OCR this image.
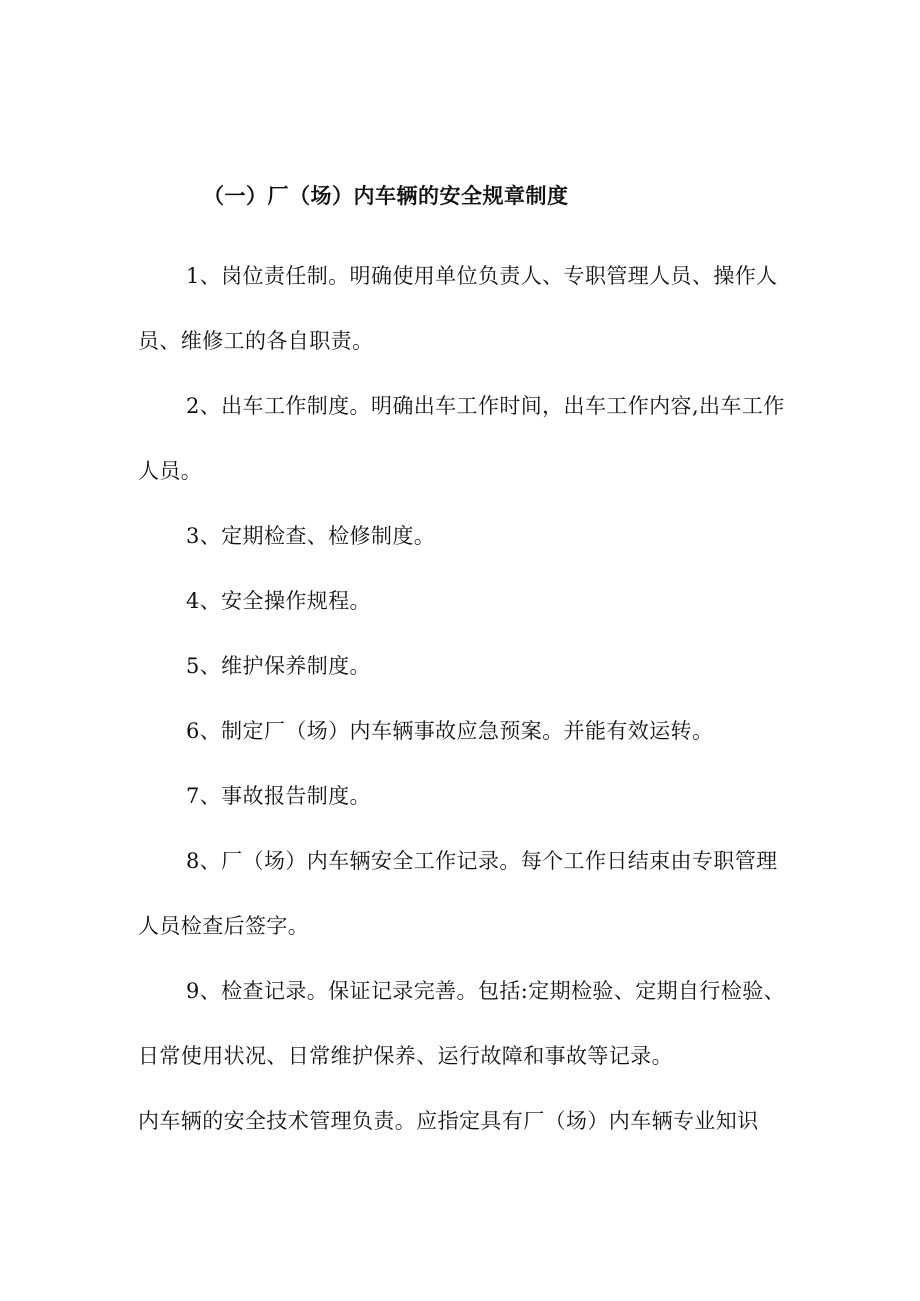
（一）厂（场）内车辆的安全规章制度
1、岗位责任制。明确使用单位负责人、专职管理人员、操作人员、维修工的各自职责。
2、出车工作制度。明确出车工作时间，出车工作内容,出车工作人员。
3、定期检查、检修制度。
4、安全操作规程。
5、维护保养制度。
6、制定厂（场）内车辆事故应急预案。并能有效运转。
7、事故报告制度。
8、厂（场）内车辆安全工作记录。每个工作日结束由专职管理人员检查后签字。
9、检查记录。保证记录完善。包括:定期检验、定期自行检验、日常使用状况、日常维护保养、运行故障和事故等记录。
内车辆的安全技术管理负责。应指定具有厂（场）内车辆专业知识
